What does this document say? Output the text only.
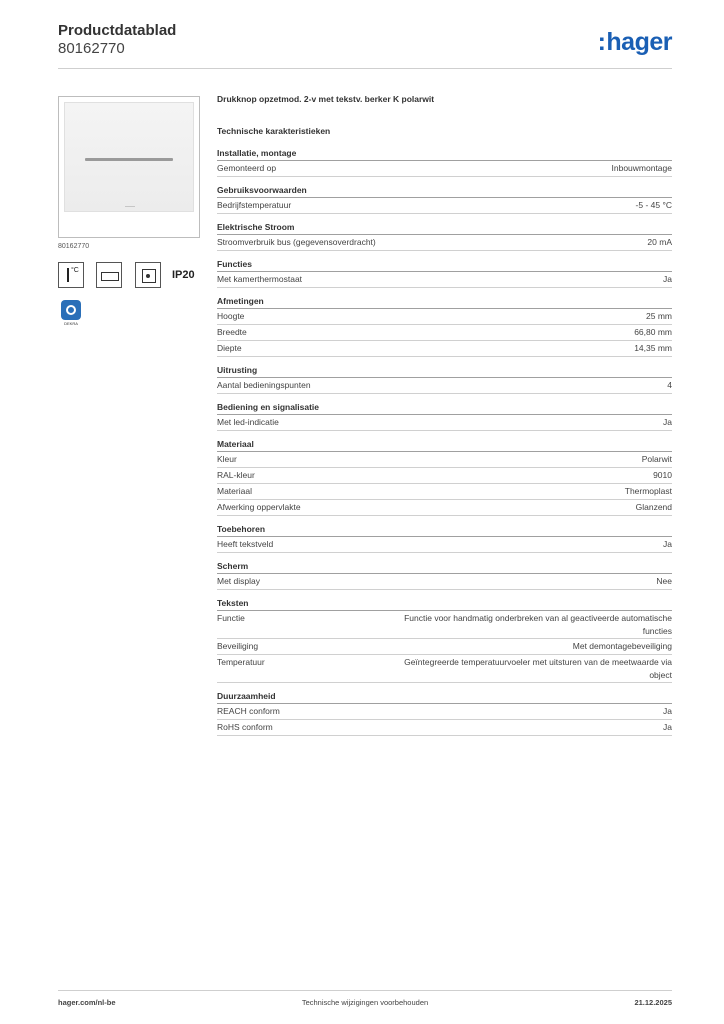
Productdatablad
80162770	:hager
80162770
°C	IP20
DEKRA
Drukknop opzetmod. 2-v met tekstv. berker K polarwit
Technische karakteristieken
Installatie, montage
Gemonteerd op	Inbouwmontage
Gebruiksvoorwaarden
Bedrijfstemperatuur	-5 - 45 °C
Elektrische Stroom
Stroomverbruik bus (gegevensoverdracht)	20 mA
Functies
Met kamerthermostaat	Ja
Afmetingen
Hoogte	25 mm
Breedte	66,80 mm
Diepte	14,35 mm
Uitrusting
Aantal bedieningspunten	4
Bediening en signalisatie
Met led-indicatie	Ja
Materiaal
Kleur	Polarwit
RAL-kleur	9010
Materiaal	Thermoplast
Afwerking oppervlakte	Glanzend
Toebehoren
Heeft tekstveld	Ja
Scherm
Met display	Nee
Teksten
Functie	Functie voor handmatig onderbreken van al geactiveerde automatische functies
Beveiliging	Met demontagebeveiliging
Temperatuur	Geïntegreerde temperatuurvoeler met uitsturen van de meetwaarde via object
Duurzaamheid
REACH conform	Ja
RoHS conform	Ja
hager.com/nl-be	Technische wijzigingen voorbehouden	21.12.2025
